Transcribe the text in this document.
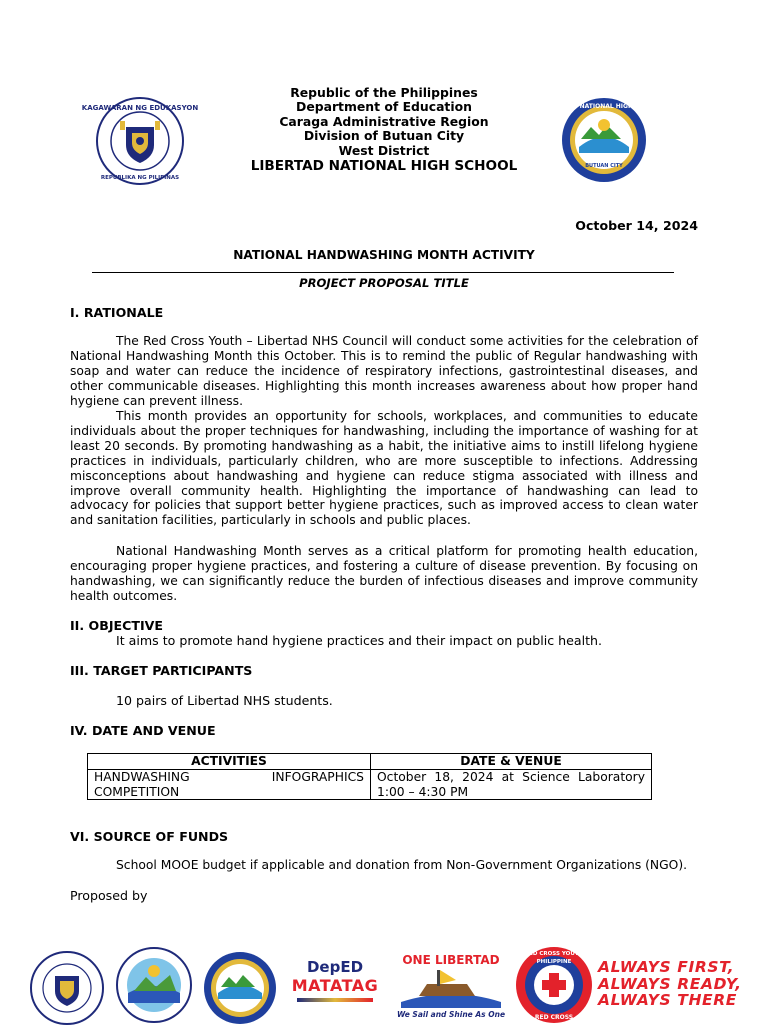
KAGAWARAN NG EDUKASYON
REPUBLIKA NG PILIPINAS
Republic of the Philippines
Department of Education
Caraga Administrative Region
Division of Butuan City
West District
LIBERTAD NATIONAL HIGH SCHOOL
LIBERTAD NATIONAL HIGH SCHOOL
BUTUAN CITY
October 14, 2024
NATIONAL HANDWASHING MONTH ACTIVITY
PROJECT PROPOSAL TITLE
I. RATIONALE

The Red Cross Youth – Libertad NHS Council will conduct some activities for the celebration of National Handwashing Month this October. This is to remind the public of Regular handwashing with soap and water can reduce the incidence of respiratory infections, gastrointestinal diseases, and other communicable diseases. Highlighting this month increases awareness about how proper hand hygiene can prevent illness.

This month provides an opportunity for schools, workplaces, and communities to educate individuals about the proper techniques for handwashing, including the importance of washing for at least 20 seconds. By promoting handwashing as a habit, the initiative aims to instill lifelong hygiene practices in individuals, particularly children, who are more susceptible to infections. Addressing misconceptions about handwashing and hygiene can reduce stigma associated with illness and improve overall community health. Highlighting the importance of handwashing can lead to advocacy for policies that support better hygiene practices, such as improved access to clean water and sanitation facilities, particularly in schools and public places.

National Handwashing Month serves as a critical platform for promoting health education, encouraging proper hygiene practices, and fostering a culture of disease prevention. By focusing on handwashing, we can significantly reduce the burden of infectious diseases and improve community health outcomes.

II. OBJECTIVE
It aims to promote hand hygiene practices and their impact on public health.
III. TARGET PARTICIPANTS
10 pairs of Libertad NHS students.
IV. DATE AND VENUE
ACTIVITIES	DATE & VENUE
HANDWASHING INFOGRAPHICS COMPETITION	October 18, 2024 at Science Laboratory 1:00 – 4:30 PM
VI. SOURCE OF FUNDS

School MOOE budget if applicable and donation from Non-Government Organizations (NGO).

Proposed by
DepED
MATATAG
ONE LIBERTAD
We Sail and Shine As One
RED CROSS YOUTH
PHILIPPINE
RED CROSS
ALWAYS FIRST,
ALWAYS READY,
ALWAYS THERE
